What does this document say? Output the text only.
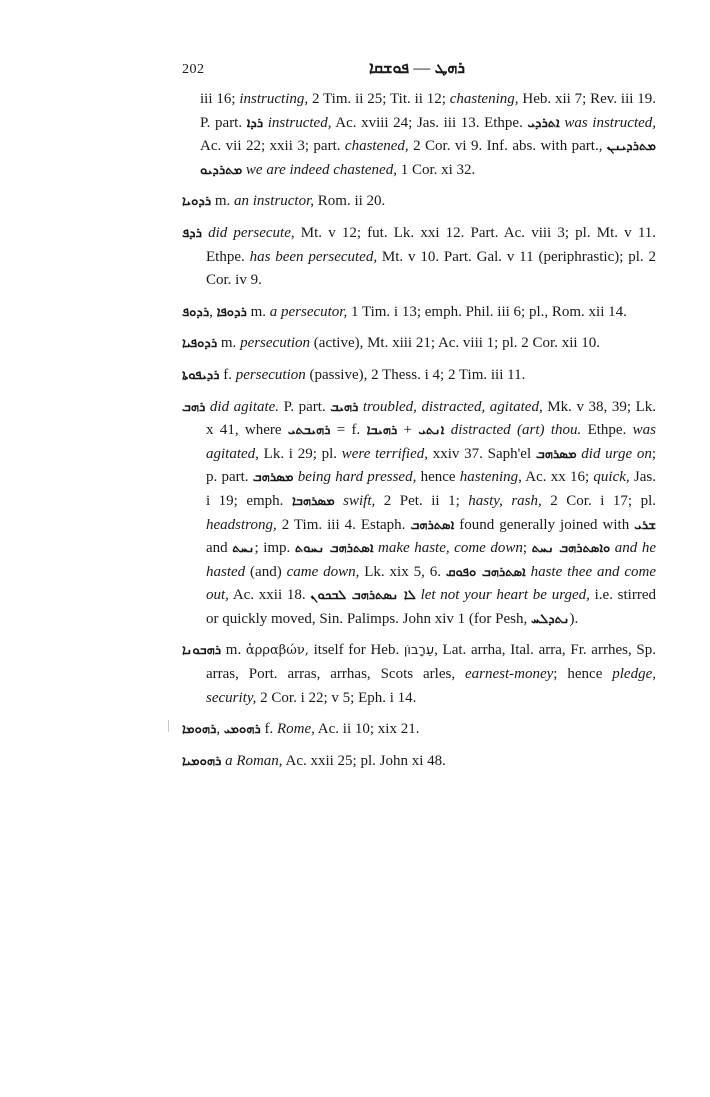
202	ܦܘܫܩܐ — ܪܗܛ

iii 16; instructing, 2 Tim. ii 25; Tit. ii 12; chastening, Heb. xii 7; Rev. iii 19. P. part. ܪܕܐ instructed, Ac. xviii 24; Jas. iii 13. Ethpe. ܐܬܪܕܝ was instructed, Ac. vii 22; xxii 3; part. chastened, 2 Cor. vi 9. Inf. abs. with part., ܡܬܪܕܝܢܢ ܡܬܪܕܝܘ we are indeed chastened, 1 Cor. xi 32.

ܪܕܘܝܐ m. an instructor, Rom. ii 20.

ܪܕܦ did persecute, Mt. v 12; fut. Lk. xxi 12. Part. Ac. viii 3; pl. Mt. v 11. Ethpe. has been persecuted, Mt. v 10. Part. Gal. v 11 (periphrastic); pl. 2 Cor. iv 9.

ܪܕܘܦ, ܪܕܘܦܐ m. a persecutor, 1 Tim. i 13; emph. Phil. iii 6; pl., Rom. xii 14.

ܪܕܘܦܝܐ m. persecution (active), Mt. xiii 21; Ac. viii 1; pl. 2 Cor. xii 10.

ܪܕܝܦܘܬܐ f. persecution (passive), 2 Thess. i 4; 2 Tim. iii 11.

ܪܗܒ did agitate. P. part. ܪܗܝܒ troubled, distracted, agitated, Mk. v 38, 39; Lk. x 41, where ܪܗܝܒܬܝ = f. ܪܗܝܒܐ + ܐܢܬܝ distracted (art) thou. Ethpe. was agitated, Lk. i 29; pl. were terrified, xxiv 37. Saph'el ܡܣܪܗܒ did urge on; p. part. ܡܣܪܗܒ being hard pressed, hence hastening, Ac. xx 16; quick, Jas. i 19; emph. ܡܣܪܗܒܐ swift, 2 Pet. ii 1; hasty, rash, 2 Cor. i 17; pl. headstrong, 2 Tim. iii 4. Estaph. ܐܣܬܪܗܒ found generally joined with ܫܪܝ and ܢܚܬ; imp. ܐܣܬܪܗܒ ܢܚܘܬ make haste, come down; ܘܐܣܬܪܗܒ ܢܚܬ and he hasted (and) came down, Lk. xix 5, 6. ܐܣܬܪܗܒ ܘܦܘܩ haste thee and come out, Ac. xxii 18. ܠܐ ܢܣܬܪܗܒ ܠܒܟܘܢ let not your heart be urged, i.e. stirred or quickly moved, Sin. Palimps. John xiv 1 (for Pesh, ܢܬܕܠܚ).

ܪܗܒܘܢܐ m. ἀρραβών, itself for Heb. עֵרָבוֹן, Lat. arrha, Ital. arra, Fr. arrhes, Sp. arras, Port. arras, arrhas, Scots arles, earnest-money; hence pledge, security, 2 Cor. i 22; v 5; Eph. i 14.

ܪܗܘܡܐ, ܪܗܘܡܝ f. Rome, Ac. ii 10; xix 21.

ܪܗܘܡܝܐ a Roman, Ac. xxii 25; pl. John xi 48.
